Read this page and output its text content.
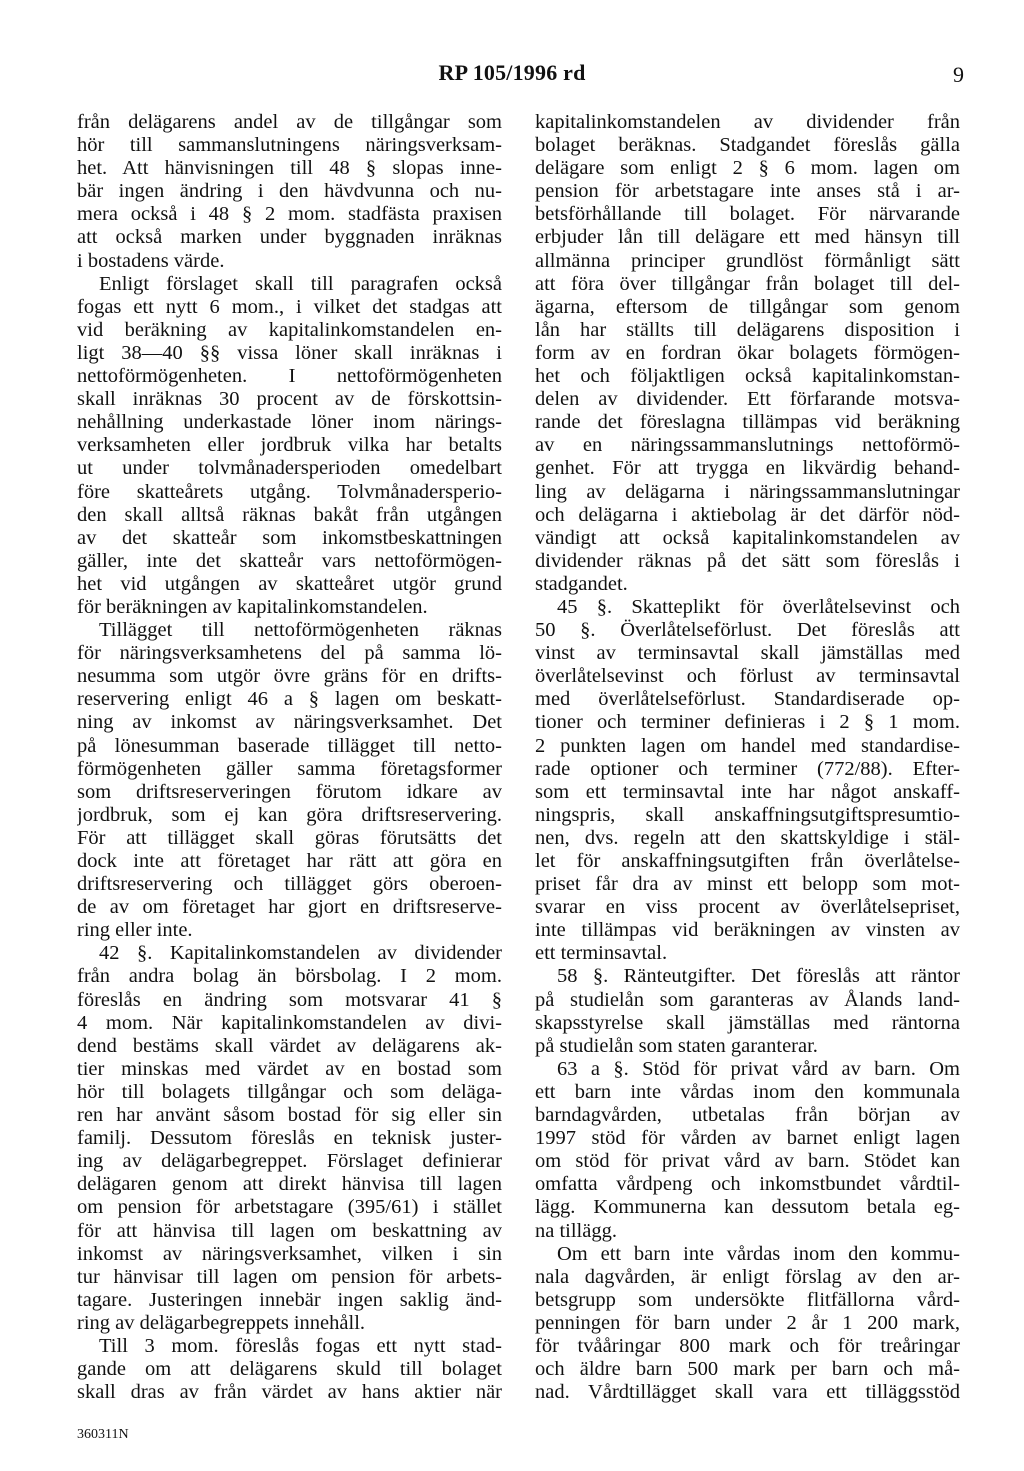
RP 105/1996 rd	9
från delägarens andel av de tillgångar som
hör till sammanslutningens näringsverksam-
het. Att hänvisningen till 48 § slopas inne-
bär ingen ändring i den hävdvunna och nu-
mera också i 48 § 2 mom. stadfästa praxisen
att också marken under byggnaden inräknas
i bostadens värde.
Enligt förslaget skall till paragrafen också
fogas ett nytt 6 mom., i vilket det stadgas att
vid beräkning av kapitalinkomstandelen en-
ligt 38—40 §§ vissa löner skall inräknas i
nettoförmögenheten. I nettoförmögenheten
skall inräknas 30 procent av de förskottsin-
nehållning underkastade löner inom närings-
verksamheten eller jordbruk vilka har betalts
ut under tolvmånadersperioden omedelbart
före skatteårets utgång. Tolvmånadersperio-
den skall alltså räknas bakåt från utgången
av det skatteår som inkomstbeskattningen
gäller, inte det skatteår vars nettoförmögen-
het vid utgången av skatteåret utgör grund
för beräkningen av kapitalinkomstandelen.
Tillägget till nettoförmögenheten räknas
för näringsverksamhetens del på samma lö-
nesumma som utgör övre gräns för en drifts-
reservering enligt 46 a § lagen om beskatt-
ning av inkomst av näringsverksamhet. Det
på lönesumman baserade tillägget till netto-
förmögenheten gäller samma företagsformer
som driftsreserveringen förutom idkare av
jordbruk, som ej kan göra driftsreservering.
För att tillägget skall göras förutsätts det
dock inte att företaget har rätt att göra en
driftsreservering och tillägget görs oberoen-
de av om företaget har gjort en driftsreserve-
ring eller inte.
42 §. Kapitalinkomstandelen av dividender
från andra bolag än börsbolag. I 2 mom.
föreslås en ändring som motsvarar 41 §
4 mom. När kapitalinkomstandelen av divi-
dend bestäms skall värdet av delägarens ak-
tier minskas med värdet av en bostad som
hör till bolagets tillgångar och som deläga-
ren har använt såsom bostad för sig eller sin
familj. Dessutom föreslås en teknisk juster-
ing av delägarbegreppet. Förslaget definierar
delägaren genom att direkt hänvisa till lagen
om pension för arbetstagare (395/61) i stället
för att hänvisa till lagen om beskattning av
inkomst av näringsverksamhet, vilken i sin
tur hänvisar till lagen om pension för arbets-
tagare. Justeringen innebär ingen saklig änd-
ring av delägarbegreppets innehåll.
Till 3 mom. föreslås fogas ett nytt stad-
gande om att delägarens skuld till bolaget
skall dras av från värdet av hans aktier när
kapitalinkomstandelen av dividender från
bolaget beräknas. Stadgandet föreslås gälla
delägare som enligt 2 § 6 mom. lagen om
pension för arbetstagare inte anses stå i ar-
betsförhållande till bolaget. För närvarande
erbjuder lån till delägare ett med hänsyn till
allmänna principer grundlöst förmånligt sätt
att föra över tillgångar från bolaget till del-
ägarna, eftersom de tillgångar som genom
lån har ställts till delägarens disposition i
form av en fordran ökar bolagets förmögen-
het och följaktligen också kapitalinkomstan-
delen av dividender. Ett förfarande motsva-
rande det föreslagna tillämpas vid beräkning
av en näringssammanslutnings nettoförmö-
genhet. För att trygga en likvärdig behand-
ling av delägarna i näringssammanslutningar
och delägarna i aktiebolag är det därför nöd-
vändigt att också kapitalinkomstandelen av
dividender räknas på det sätt som föreslås i
stadgandet.
45 §. Skatteplikt för överlåtelsevinst och
50 §. Överlåtelseförlust. Det föreslås att
vinst av terminsavtal skall jämställas med
överlåtelsevinst och förlust av terminsavtal
med överlåtelseförlust. Standardiserade op-
tioner och terminer definieras i 2 § 1 mom.
2 punkten lagen om handel med standardise-
rade optioner och terminer (772/88). Efter-
som ett terminsavtal inte har något anskaff-
ningspris, skall anskaffningsutgiftspresumtio-
nen, dvs. regeln att den skattskyldige i stäl-
let för anskaffningsutgiften från överlåtelse-
priset får dra av minst ett belopp som mot-
svarar en viss procent av överlåtelsepriset,
inte tillämpas vid beräkningen av vinsten av
ett terminsavtal.
58 §. Ränteutgifter. Det föreslås att räntor
på studielån som garanteras av Ålands land-
skapsstyrelse skall jämställas med räntorna
på studielån som staten garanterar.
63 a §. Stöd för privat vård av barn. Om
ett barn inte vårdas inom den kommunala
barndagvården, utbetalas från början av
1997 stöd för vården av barnet enligt lagen
om stöd för privat vård av barn. Stödet kan
omfatta vårdpeng och inkomstbundet vårdtil-
lägg. Kommunerna kan dessutom betala eg-
na tillägg.
Om ett barn inte vårdas inom den kommu-
nala dagvården, är enligt förslag av den ar-
betsgrupp som undersökte flitfällorna vård-
penningen för barn under 2 år 1 200 mark,
för tvååringar 800 mark och för treåringar
och äldre barn 500 mark per barn och må-
nad. Vårdtillägget skall vara ett tilläggsstöd
360311N
